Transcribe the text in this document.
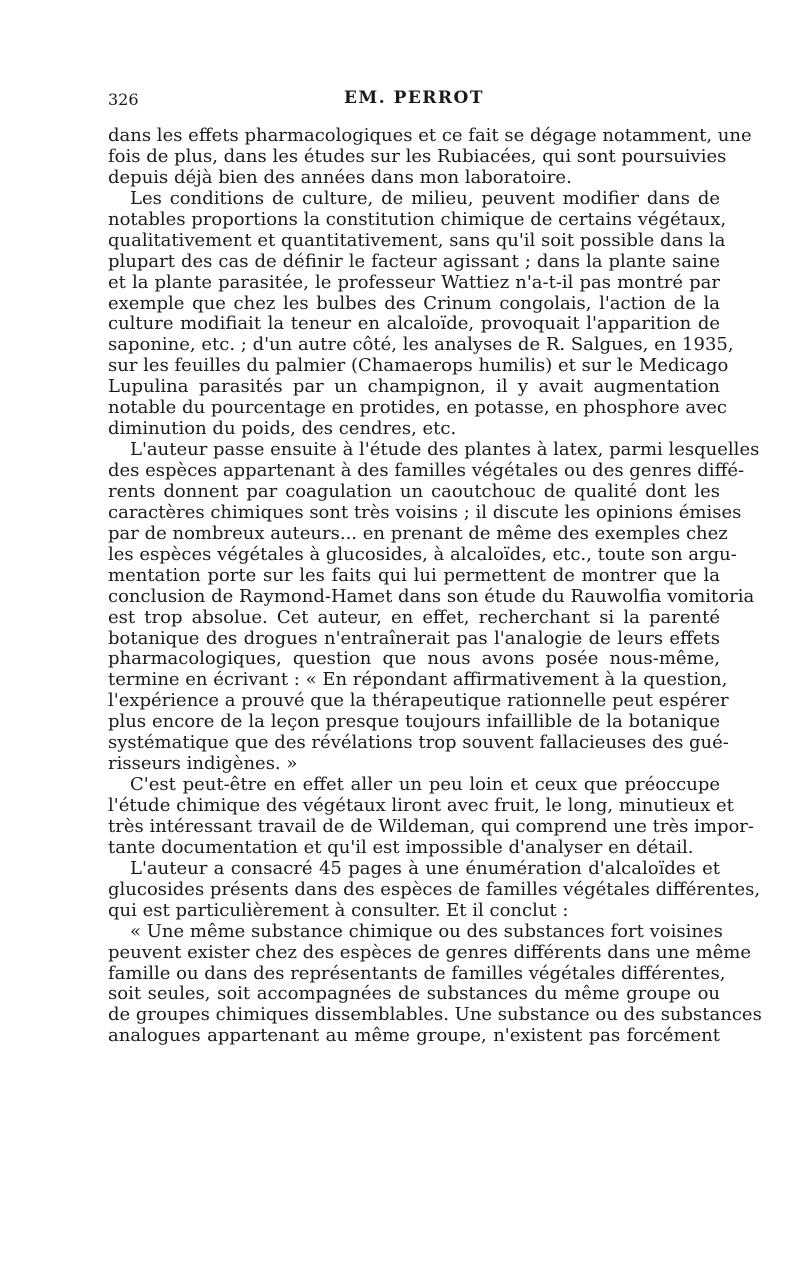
326	EM. PERROT
dans les effets pharmacologiques et ce fait se dégage notamment, une
fois de plus, dans les études sur les Rubiacées, qui sont poursuivies
depuis déjà bien des années dans mon laboratoire.
Les conditions de culture, de milieu, peuvent modifier dans de
notables proportions la constitution chimique de certains végétaux,
qualitativement et quantitativement, sans qu'il soit possible dans la
plupart des cas de définir le facteur agissant ; dans la plante saine
et la plante parasitée, le professeur Wattiez n'a-t-il pas montré par
exemple que chez les bulbes des Crinum congolais, l'action de la
culture modifiait la teneur en alcaloïde, provoquait l'apparition de
saponine, etc. ; d'un autre côté, les analyses de R. Salgues, en 1935,
sur les feuilles du palmier (Chamaerops humilis) et sur le Medicago
Lupulina parasités par un champignon, il y avait augmentation
notable du pourcentage en protides, en potasse, en phosphore avec
diminution du poids, des cendres, etc.
L'auteur passe ensuite à l'étude des plantes à latex, parmi lesquelles
des espèces appartenant à des familles végétales ou des genres diffé-
rents donnent par coagulation un caoutchouc de qualité dont les
caractères chimiques sont très voisins ; il discute les opinions émises
par de nombreux auteurs... en prenant de même des exemples chez
les espèces végétales à glucosides, à alcaloïdes, etc., toute son argu-
mentation porte sur les faits qui lui permettent de montrer que la
conclusion de Raymond-Hamet dans son étude du Rauwolfia vomitoria
est trop absolue. Cet auteur, en effet, recherchant si la parenté
botanique des drogues n'entraînerait pas l'analogie de leurs effets
pharmacologiques, question que nous avons posée nous-même,
termine en écrivant : « En répondant affirmativement à la question,
l'expérience a prouvé que la thérapeutique rationnelle peut espérer
plus encore de la leçon presque toujours infaillible de la botanique
systématique que des révélations trop souvent fallacieuses des gué-
risseurs indigènes. »
C'est peut-être en effet aller un peu loin et ceux que préoccupe
l'étude chimique des végétaux liront avec fruit, le long, minutieux et
très intéressant travail de de Wildeman, qui comprend une très impor-
tante documentation et qu'il est impossible d'analyser en détail.
L'auteur a consacré 45 pages à une énumération d'alcaloïdes et
glucosides présents dans des espèces de familles végétales différentes,
qui est particulièrement à consulter. Et il conclut :
« Une même substance chimique ou des substances fort voisines
peuvent exister chez des espèces de genres différents dans une même
famille ou dans des représentants de familles végétales différentes,
soit seules, soit accompagnées de substances du même groupe ou
de groupes chimiques dissemblables. Une substance ou des substances
analogues appartenant au même groupe, n'existent pas forcément
